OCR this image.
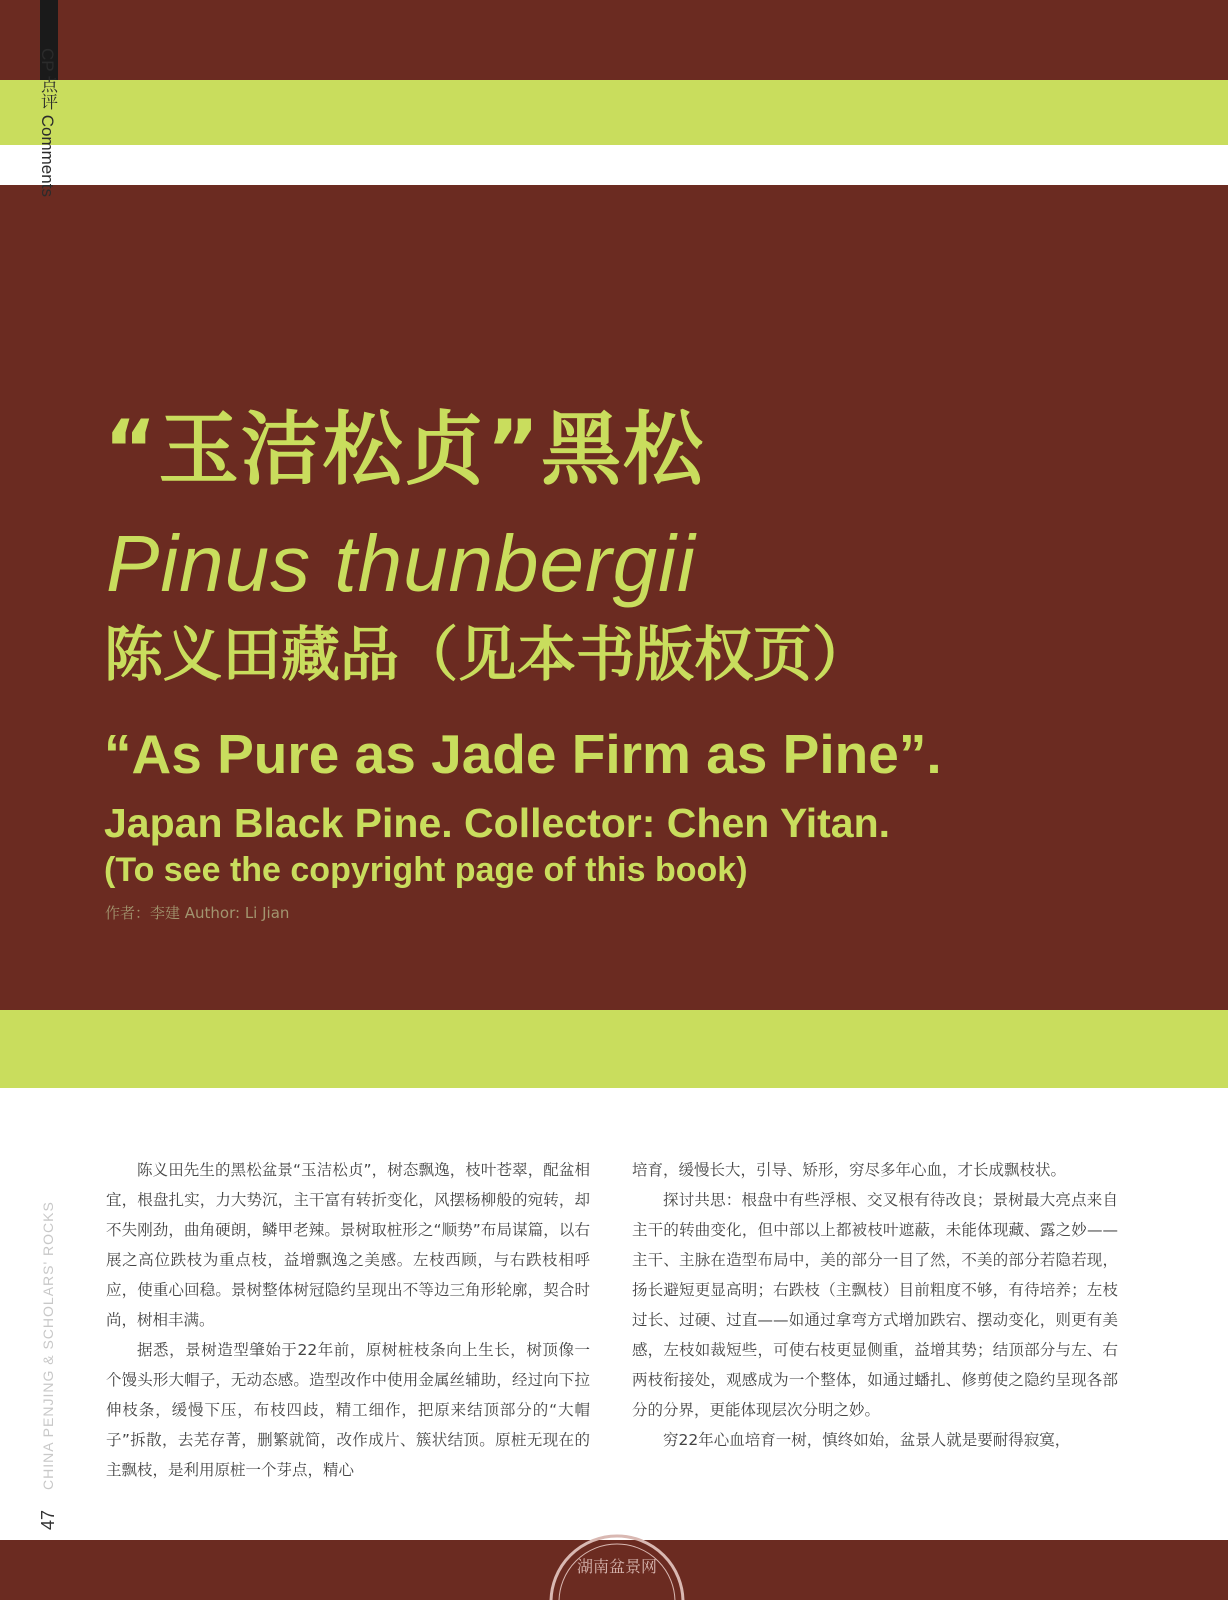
CP 点评 Comments
“玉洁松贞”黑松
Pinus thunbergii
陈义田藏品（见本书版权页）
“As Pure as Jade Firm as Pine”.
Japan Black Pine. Collector: Chen Yitan.
(To see the copyright page of this book)
作者：李建 Author: Li Jian
CHINA PENJING & SCHOLARS' ROCKS
47

陈义田先生的黑松盆景“玉洁松贞”，树态飘逸，枝叶苍翠，配盆相宜，根盘扎实，力大势沉，主干富有转折变化，风摆杨柳般的宛转，却不失刚劲，曲角硬朗，鳞甲老辣。景树取桩形之“顺势”布局谋篇，以右展之高位跌枝为重点枝，益增飘逸之美感。左枝西顾，与右跌枝相呼应，使重心回稳。景树整体树冠隐约呈现出不等边三角形轮廓，契合时尚，树相丰满。

据悉，景树造型肇始于22年前，原树桩枝条向上生长，树顶像一个馒头形大帽子，无动态感。造型改作中使用金属丝辅助，经过向下拉伸枝条，缓慢下压，布枝四歧，精工细作，把原来结顶部分的“大帽子”拆散，去芜存菁，删繁就简，改作成片、簇状结顶。原桩无现在的主飘枝，是利用原桩一个芽点，精心

培育，缓慢长大，引导、矫形，穷尽多年心血，才长成飘枝状。

探讨共思：根盘中有些浮根、交叉根有待改良；景树最大亮点来自主干的转曲变化，但中部以上都被枝叶遮蔽，未能体现藏、露之妙——主干、主脉在造型布局中，美的部分一目了然，不美的部分若隐若现，扬长避短更显高明；右跌枝（主飘枝）目前粗度不够，有待培养；左枝过长、过硬、过直——如通过拿弯方式增加跌宕、摆动变化，则更有美感，左枝如裁短些，可使右枝更显侧重，益增其势；结顶部分与左、右两枝衔接处，观感成为一个整体，如通过蟠扎、修剪使之隐约呈现各部分的分界，更能体现层次分明之妙。

穷22年心血培育一树，慎终如始，盆景人就是要耐得寂寞，

湖南盆景网
